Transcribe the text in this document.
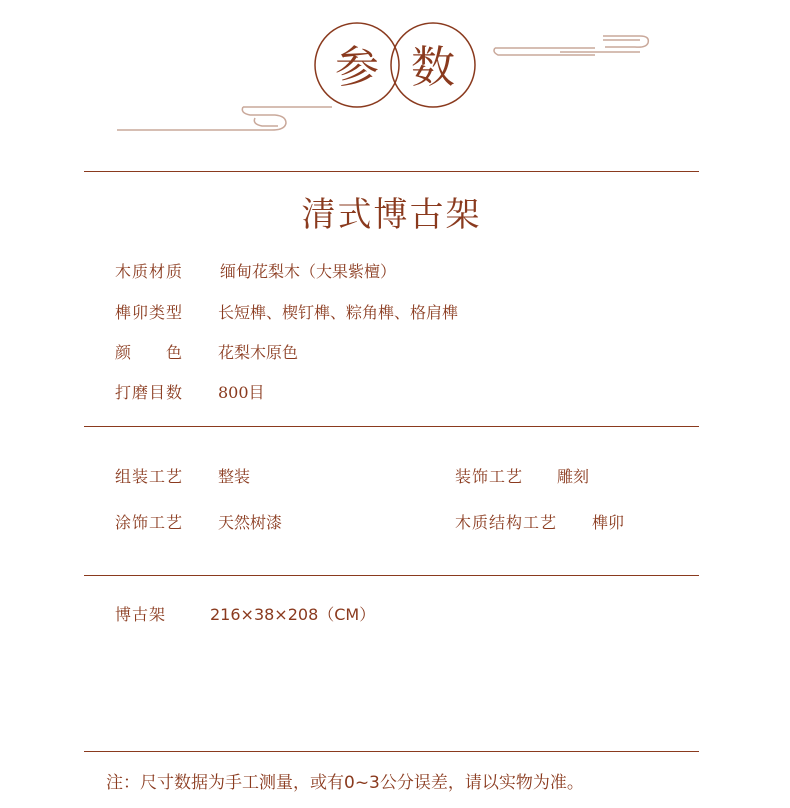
参 数
清式博古架
木质材质 缅甸花梨木（大果紫檀）
榫卯类型 长短榫、楔钉榫、粽角榫、格肩榫
颜　　色 花梨木原色
打磨目数 800目
组装工艺 整装	装饰工艺 雕刻
涂饰工艺 天然树漆	木质结构工艺 榫卯
博古架	216×38×208（CM）
注：尺寸数据为手工测量，或有0~3公分误差，请以实物为准。
